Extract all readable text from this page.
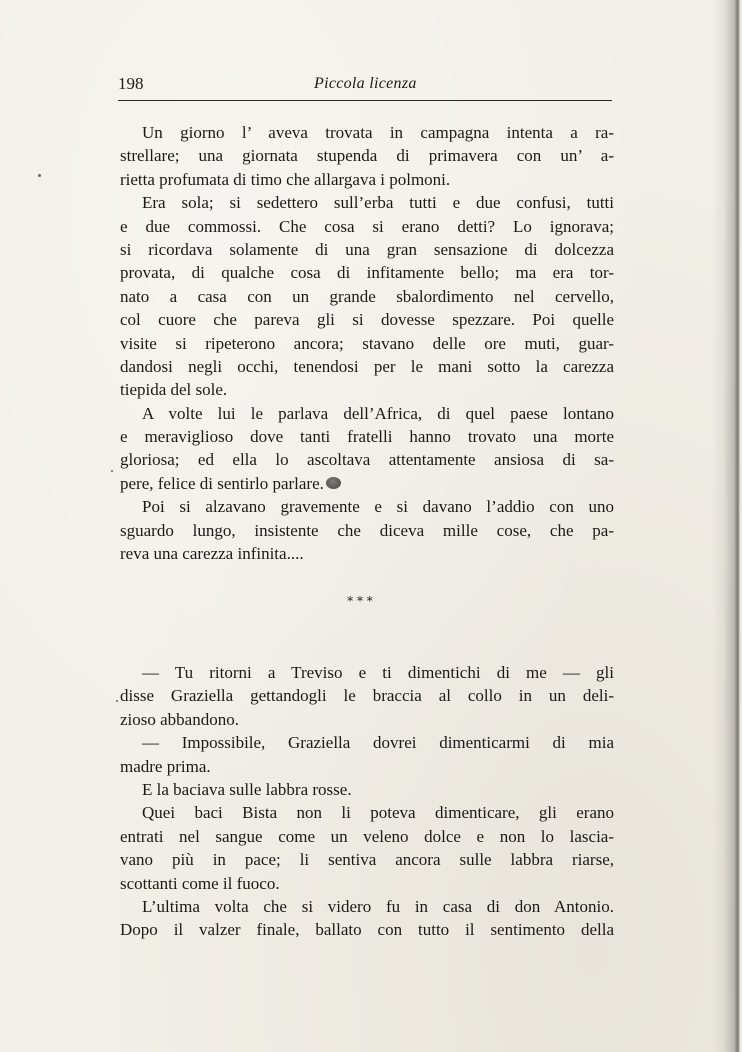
198	Piccola licenza
Un giorno l’ aveva trovata in campagna intenta a ra-
strellare; una giornata stupenda di primavera con un’ a-
rietta profumata di timo che allargava i polmoni.
Era sola; si sedettero sull’erba tutti e due confusi, tutti
e due commossi. Che cosa si erano detti? Lo ignorava;
si ricordava solamente di una gran sensazione di dolcezza
provata, di qualche cosa di infitamente bello; ma era tor-
nato a casa con un grande sbalordimento nel cervello,
col cuore che pareva gli si dovesse spezzare. Poi quelle
visite si ripeterono ancora; stavano delle ore muti, guar-
dandosi negli occhi, tenendosi per le mani sotto la carezza
tiepida del sole.
A volte lui le parlava dell’Africa, di quel paese lontano
e meraviglioso dove tanti fratelli hanno trovato una morte
gloriosa; ed ella lo ascoltava attentamente ansiosa di sa-
pere, felice di sentirlo parlare.
Poi si alzavano gravemente e si davano l’addio con uno
sguardo lungo, insistente che diceva mille cose, che pa-
reva una carezza infinita....
* * *
— Tu ritorni a Treviso e ti dimentichi di me — gli
disse Graziella gettandogli le braccia al collo in un deli-
zioso abbandono.
— Impossibile, Graziella dovrei dimenticarmi di mia
madre prima.
E la baciava sulle labbra rosse.
Quei baci Bista non li poteva dimenticare, gli erano
entrati nel sangue come un veleno dolce e non lo lascia-
vano più in pace; li sentiva ancora sulle labbra riarse,
scottanti come il fuoco.
L’ultima volta che si videro fu in casa di don Antonio.
Dopo il valzer finale, ballato con tutto il sentimento della
